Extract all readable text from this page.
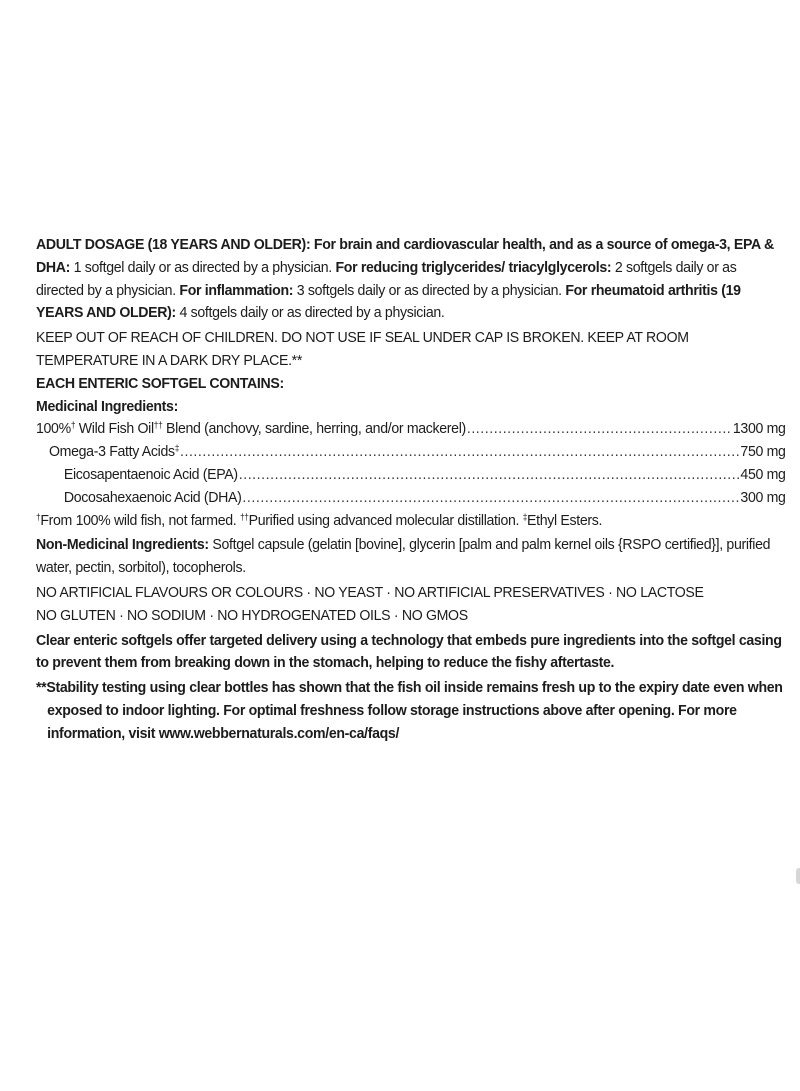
ADULT DOSAGE (18 YEARS AND OLDER): For brain and cardiovascular health, and as a source of omega-3, EPA & DHA: 1 softgel daily or as directed by a physician. For reducing triglycerides/ triacylglycerols: 2 softgels daily or as directed by a physician. For inflammation: 3 softgels daily or as directed by a physician. For rheumatoid arthritis (19 YEARS AND OLDER): 4 softgels daily or as directed by a physician.

KEEP OUT OF REACH OF CHILDREN. DO NOT USE IF SEAL UNDER CAP IS BROKEN. KEEP AT ROOM TEMPERATURE IN A DARK DRY PLACE.**

EACH ENTERIC SOFTGEL CONTAINS:

Medicinal Ingredients:

100%† Wild Fish Oil†† Blend (anchovy, sardine, herring, and/or mackerel) .....	1300 mg
Omega-3 Fatty Acids‡ .....	750 mg
Eicosapentaenoic Acid (EPA) .....	450 mg
Docosahexaenoic Acid (DHA) .....	300 mg

†From 100% wild fish, not farmed. ††Purified using advanced molecular distillation. ‡Ethyl Esters.

Non-Medicinal Ingredients: Softgel capsule (gelatin [bovine], glycerin [palm and palm kernel oils {RSPO certified}], purified water, pectin, sorbitol), tocopherols.

NO ARTIFICIAL FLAVOURS OR COLOURS · NO YEAST · NO ARTIFICIAL PRESERVATIVES · NO LACTOSE

NO GLUTEN · NO SODIUM · NO HYDROGENATED OILS · NO GMOS

Clear enteric softgels offer targeted delivery using a technology that embeds pure ingredients into the softgel casing to prevent them from breaking down in the stomach, helping to reduce the fishy aftertaste.

**Stability testing using clear bottles has shown that the fish oil inside remains fresh up to the expiry date even when exposed to indoor lighting. For optimal freshness follow storage instructions above after opening. For more information, visit www.webbernaturals.com/en-ca/faqs/
